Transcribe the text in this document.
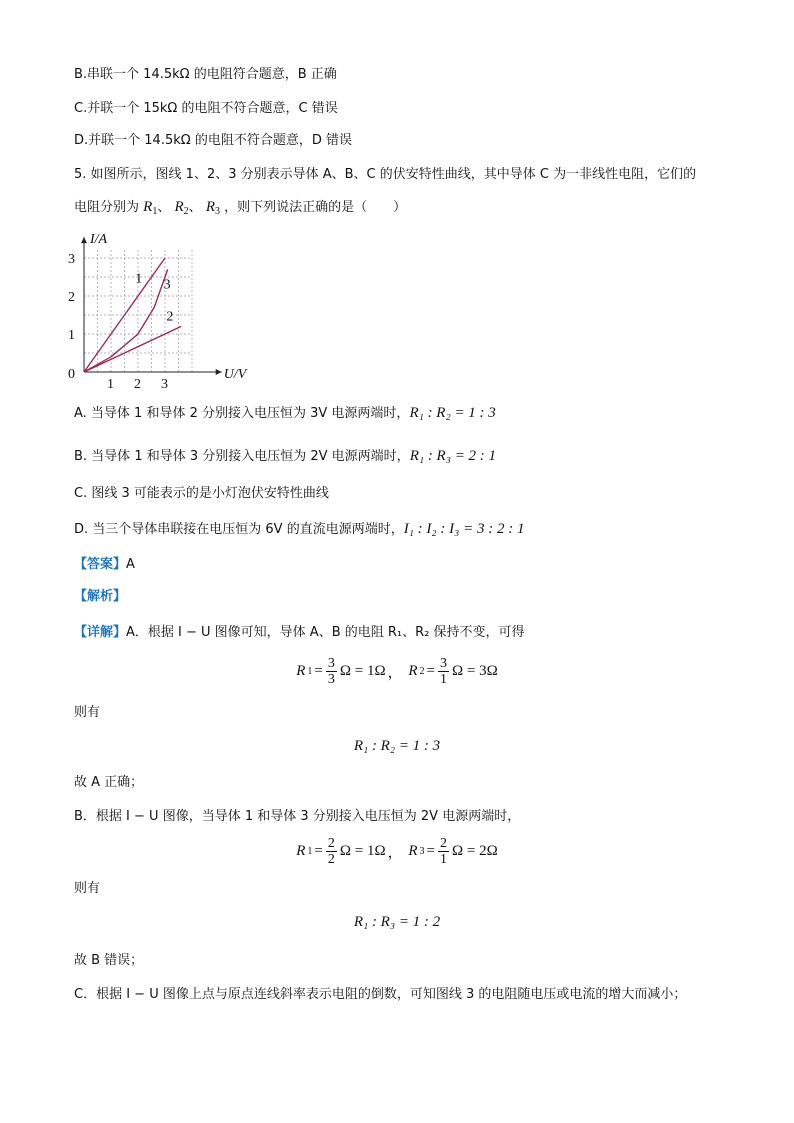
B.串联一个 14.5kΩ 的电阻符合题意，B 正确
C.并联一个 15kΩ 的电阻不符合题意，C 错误
D.并联一个 14.5kΩ 的电阻不符合题意，D 错误
5. 如图所示，图线 1、2、3 分别表示导体 A、B、C 的伏安特性曲线，其中导体 C 为一非线性电阻，它们的
电阻分别为 $R_1$、 $R_2$、 $R_3$ ，则下列说法正确的是（　　）
1 2 3
1
2
3
0
I/A
U/V
1
2
3
A. 当导体 1 和导体 2 分别接入电压恒为 3V 电源两端时，R₁ : R₂ = 1 : 3
B. 当导体 1 和导体 3 分别接入电压恒为 2V 电源两端时，R₁ : R₃ = 2 : 1
C. 图线 3 可能表示的是小灯泡伏安特性曲线
D. 当三个导体串联接在电压恒为 6V 的直流电源两端时，I₁ : I₂ : I₃ = 3 : 2 : 1
【答案】A
【解析】
【详解】A．根据 I − U 图像可知，导体 A、B 的电阻 R₁、R₂ 保持不变，可得
R $1 = \frac{3}{3}$ Ω = 1Ω ， R $2 = \frac{3}{1}$ Ω = 3Ω
则有
R₁ : R₂ = 1 : 3
故 A 正确；
B．根据 I − U 图像，当导体 1 和导体 3 分别接入电压恒为 2V 电源两端时，
R $1 = \frac{2}{2}$ Ω = 1Ω ， R $3 = \frac{2}{1}$ Ω = 2Ω
则有
R₁ : R₃ = 1 : 2
故 B 错误；
C．根据 I − U 图像上点与原点连线斜率表示电阻的倒数，可知图线 3 的电阻随电压或电流的增大而减小；
